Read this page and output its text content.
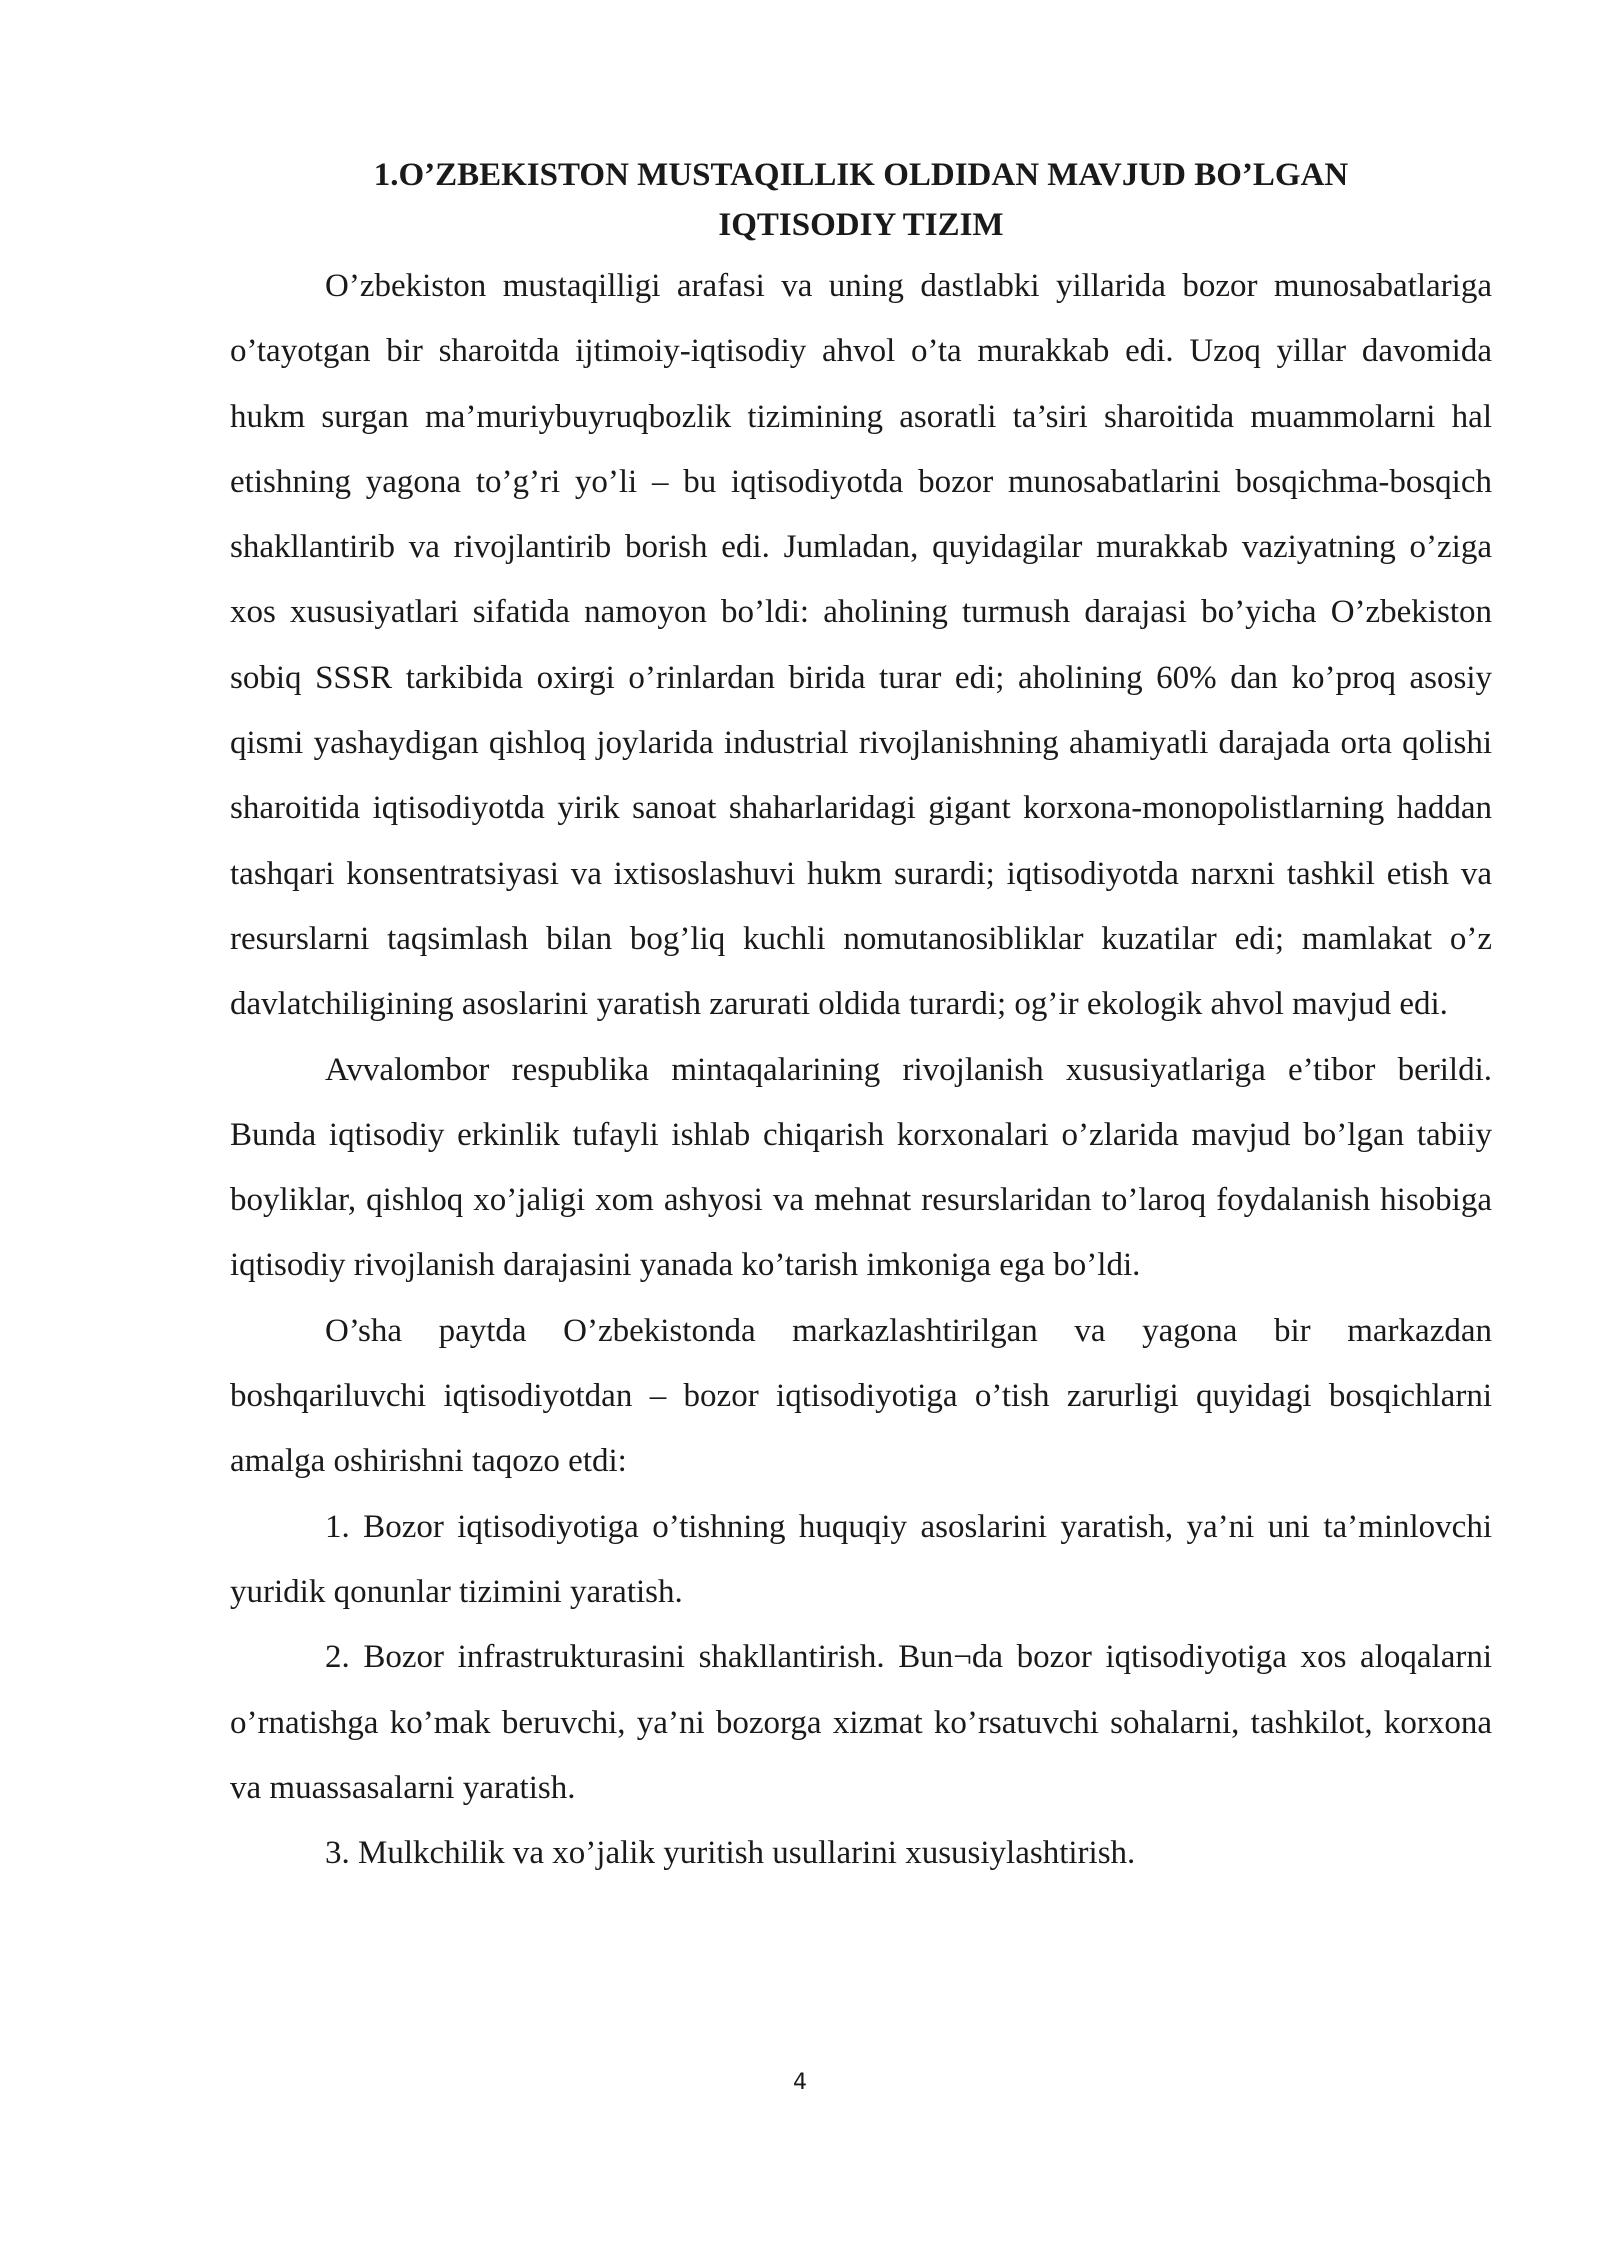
1.O’ZBEKISTON MUSTAQILLIK OLDIDAN MAVJUD BO’LGAN
IQTISODIY TIZIM

O’zbekiston mustaqilligi arafasi va uning dastlabki yillarida bozor munosabatlariga o’tayotgan bir sharoitda ijtimoiy-iqtisodiy ahvol o’ta murakkab edi. Uzoq yillar davomida hukm surgan ma’muriybuyruqbozlik tizimining asoratli ta’siri sharoitida muammolarni hal etishning yagona to’g’ri yo’li – bu iqtisodiyotda bozor munosabatlarini bosqichma-bosqich shakllantirib va rivojlantirib borish edi. Jumladan, quyidagilar murakkab vaziyatning o’ziga xos xususiyatlari sifatida namoyon bo’ldi: aholining turmush darajasi bo’yicha O’zbekiston sobiq SSSR tarkibida oxirgi o’rinlardan birida turar edi; aholining 60% dan ko’proq asosiy qismi yashaydigan qishloq joylarida industrial rivojlanishning ahamiyatli darajada orta qolishi sharoitida iqtisodiyotda yirik sanoat shaharlaridagi gigant korxona-monopolistlarning haddan tashqari konsentratsiyasi va ixtisoslashuvi hukm surardi; iqtisodiyotda narxni tashkil etish va resurslarni taqsimlash bilan bog’liq kuchli nomutanosibliklar kuzatilar edi; mamlakat o’z davlatchiligining asoslarini yaratish zarurati oldida turardi; og’ir ekologik ahvol mavjud edi.

Avvalombor respublika mintaqalarining rivojlanish xususiyatlariga e’tibor berildi. Bunda iqtisodiy erkinlik tufayli ishlab chiqarish korxonalari o’zlarida mavjud bo’lgan tabiiy boyliklar, qishloq xo’jaligi xom ashyosi va mehnat resurslaridan to’laroq foydalanish hisobiga iqtisodiy rivojlanish darajasini yanada ko’tarish imkoniga ega bo’ldi.

O’sha paytda O’zbekistonda markazlashtirilgan va yagona bir markazdan boshqariluvchi iqtisodiyotdan – bozor iqtisodiyotiga o’tish zarurligi quyidagi bosqichlarni amalga oshirishni taqozo etdi:

1. Bozor iqtisodiyotiga o’tishning huquqiy asoslarini yaratish, ya’ni uni ta’minlovchi yuridik qonunlar tizimini yaratish.

2. Bozor infrastrukturasini shakllantirish. Bun¬da bozor iqtisodiyotiga xos aloqalarni o’rnatishga ko’mak beruvchi, ya’ni bozorga xizmat ko’rsatuvchi sohalarni, tashkilot, korxona va muassasalarni yaratish.

3. Mulkchilik va xo’jalik yuritish usullarini xususiylashtirish.

4
